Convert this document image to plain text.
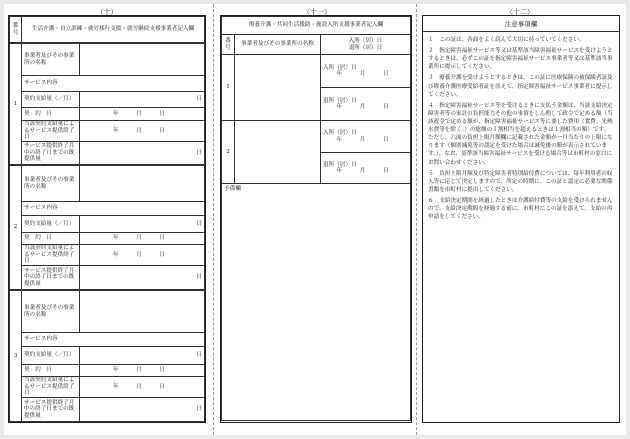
（十）	（十一）	（十二）
番号	生活介護・自立訓練・就労移行支援・就労継続支援事業者記入欄
1	事業者及びその事業所の名称	
	サービス内容	
	契約支給量（／月）	日
	契　約　日	年　月　日
	当該契約支給量によるサービス提供終了日	年　月　日
	サービス提供終了月中の終了日までの既提供量	日
2	事業者及びその事業所の名称	
	サービス内容	
	契約支給量（／月）	日
	契　約　日	年　月　日
	当該契約支給量によるサービス提供終了日	年　月　日
	サービス提供終了月中の終了日までの既提供量	日
3	事業者及びその事業所の名称	
	サービス内容	
	契約支給量（／月）	日
	契　約　日	年　月　日
	当該契約支給量によるサービス提供終了日	年　月　日
	サービス提供終了月中の終了日までの既提供量	日
療養介護・共同生活援助・施設入所支援事業者記入欄		
番号	事業者及びその事業所の名称	入所（居）日
退所（居）日

1		入所（居）日
年　月　日

		退所（居）日
年　月　日

2		入所（居）日
年　月　日

		退所（居）日
年　月　日

予備欄		
注意事項欄

１　この証は、各面をよく読んで大切に持っていてください。

２　指定障害福祉サービス等又は基準該当障害福祉サービスを受けようとするときは、必ずこの証を指定障害福祉サービス事業者等又は基準該当事業所に提示してください。

３　療養介護を受けようとするときは、この証に医療保険の被保険者証及び療養介護医療受給者証を添えて、指定障害福祉サービス事業者に提示してください。

４　指定障害福祉サービス等を受けるときに支払う金額は、当該支給決定障害者等の家計の負担能力その他の事情をしん酌して政令で定める額（当該政令で定める額が、指定障害福祉サービス等に要した費用（食費、光熱水費等を除く。）の総額の１割相当を超えるときは１割相当の額）です。ただし、六面の負担上限月額欄に記載された金額が一月当たりの上限になります（個別減免等の認定を受けた場合は減免後の額が表示されています。）。なお、基準該当障害福祉サービスを受ける場合等は市町村の窓口にお問い合わせください。

５　負担上限月額及び特定障害者特別給付費については、毎年利用者の収入等に応じて決定しますので、所定の時期に、この証と認定に必要な関係書類を市町村に提出してください。

６　支給決定期間を経過したときは介護給付費等の支給を受けられませんので、支給決定期間を経過する前に、市町村にこの証を添えて、支給の再申請をしてください。
